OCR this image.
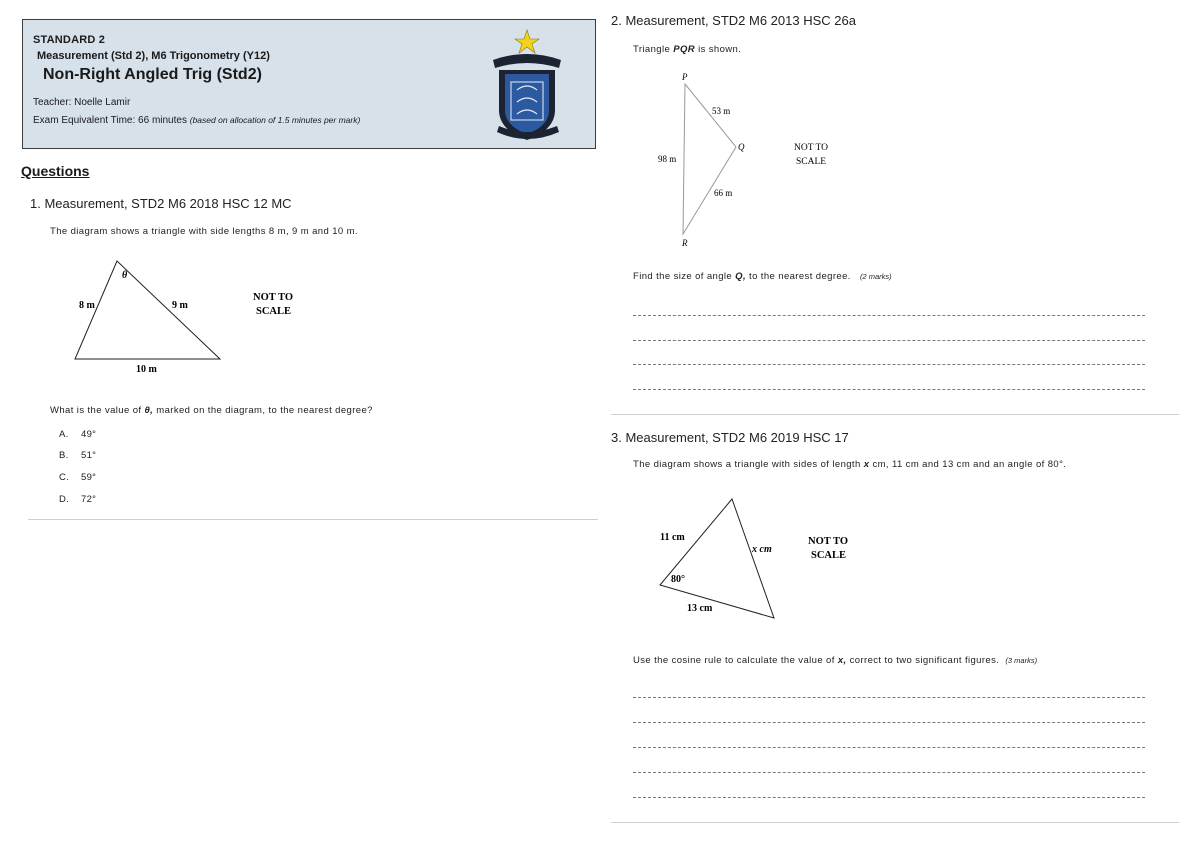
STANDARD 2
Measurement (Std 2), M6 Trigonometry (Y12)
Non-Right Angled Trig (Std2)
Teacher: Noelle Lamir
Exam Equivalent Time: 66 minutes (based on allocation of 1.5 minutes per mark)
Questions
1. Measurement, STD2 M6 2018 HSC 12 MC
The diagram shows a triangle with side lengths 8 m, 9 m and 10 m.
θ
8 m	9 m
10 m
NOT TO
SCALE
What is the value of θ, marked on the diagram, to the nearest degree?
A. 49°
B. 51°
C. 59°
D. 72°
2. Measurement, STD2 M6 2013 HSC 26a
Triangle PQR is shown.
P
Q
R
53 m
98 m
66 m
NOT TO
SCALE
Find the size of angle Q, to the nearest degree. (2 marks)
3. Measurement, STD2 M6 2019 HSC 17
The diagram shows a triangle with sides of length x cm, 11 cm and 13 cm and an angle of 80°.
11 cm
x cm
80°
13 cm
NOT TO
SCALE
Use the cosine rule to calculate the value of x, correct to two significant figures. (3 marks)
